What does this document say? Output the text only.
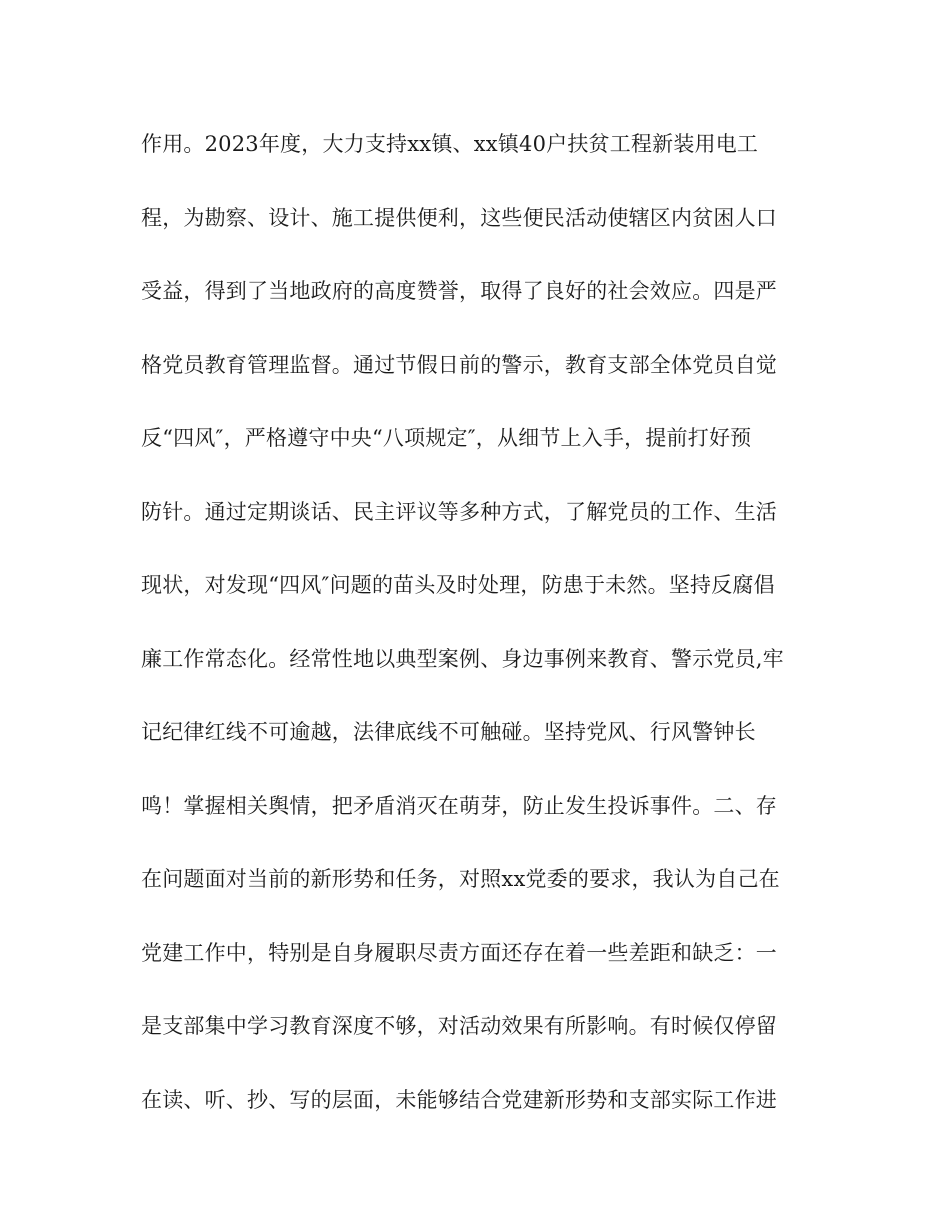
作用。2023年度，大力支持xx镇、xx镇40户扶贫工程新装用电工
程，为勘察、设计、施工提供便利，这些便民活动使辖区内贫困人口
受益，得到了当地政府的高度赞誉，取得了良好的社会效应。四是严
格党员教育管理监督。通过节假日前的警示，教育支部全体党员自觉
反“四风″，严格遵守中央“八项规定″，从细节上入手，提前打好预
防针。通过定期谈话、民主评议等多种方式，了解党员的工作、生活
现状，对发现“四风″问题的苗头及时处理，防患于未然。坚持反腐倡
廉工作常态化。经常性地以典型案例、身边事例来教育、警示党员,牢
记纪律红线不可逾越，法律底线不可触碰。坚持党风、行风警钟长
鸣！掌握相关舆情，把矛盾消灭在萌芽，防止发生投诉事件。二、存
在问题面对当前的新形势和任务，对照xx党委的要求，我认为自己在
党建工作中，特别是自身履职尽责方面还存在着一些差距和缺乏：一
是支部集中学习教育深度不够，对活动效果有所影响。有时候仅停留
在读、听、抄、写的层面，未能够结合党建新形势和支部实际工作进
